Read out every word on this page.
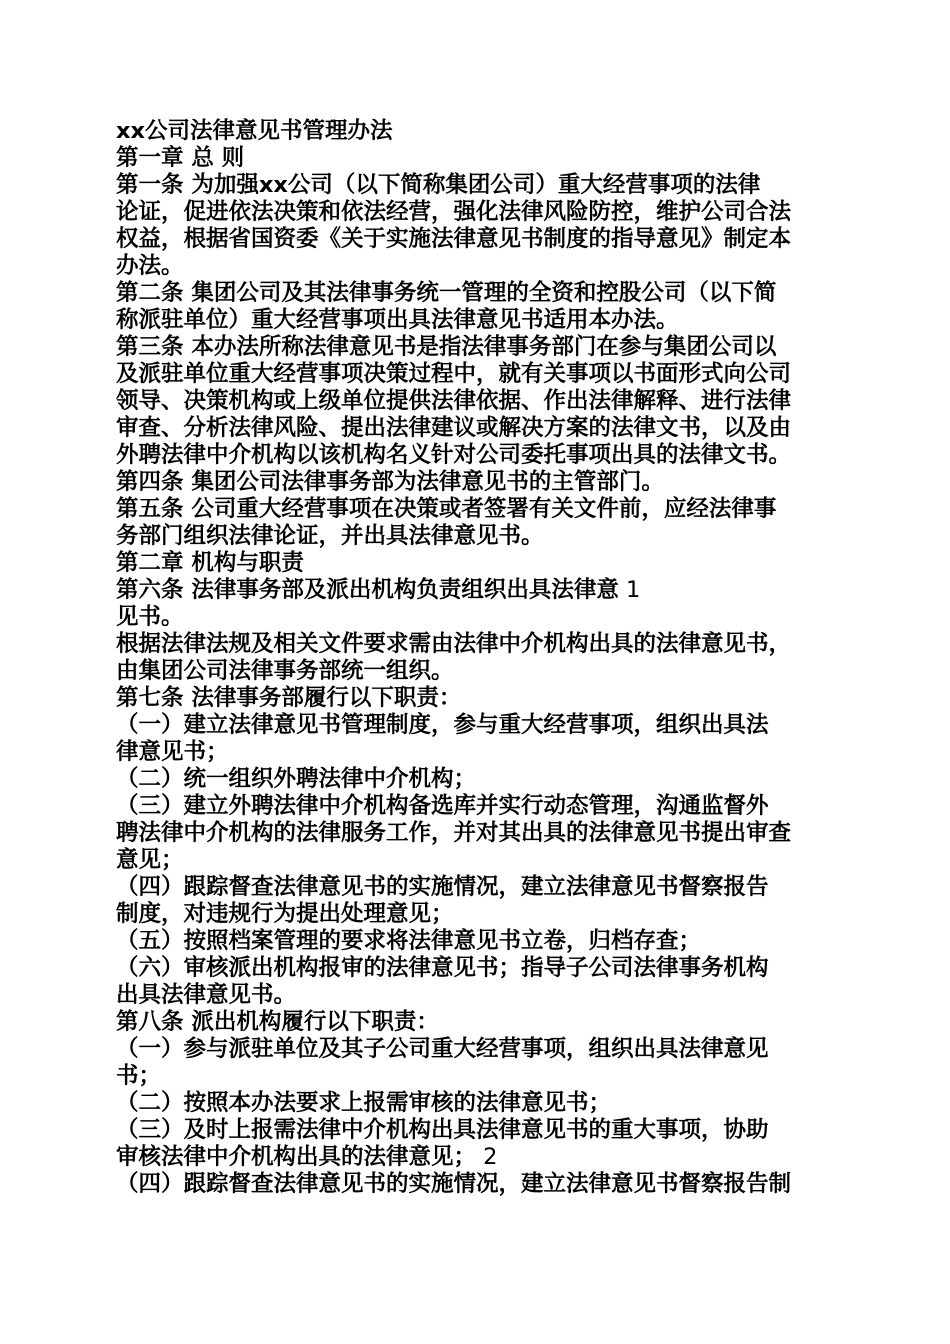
xx公司法律意见书管理办法
第一章 总 则
第一条 为加强xx公司（以下简称集团公司）重大经营事项的法律
论证，促进依法决策和依法经营，强化法律风险防控，维护公司合法
权益，根据省国资委《关于实施法律意见书制度的指导意见》制定本
办法。
第二条 集团公司及其法律事务统一管理的全资和控股公司（以下简
称派驻单位）重大经营事项出具法律意见书适用本办法。
第三条 本办法所称法律意见书是指法律事务部门在参与集团公司以
及派驻单位重大经营事项决策过程中，就有关事项以书面形式向公司
领导、决策机构或上级单位提供法律依据、作出法律解释、进行法律
审查、分析法律风险、提出法律建议或解决方案的法律文书，以及由
外聘法律中介机构以该机构名义针对公司委托事项出具的法律文书。
第四条 集团公司法律事务部为法律意见书的主管部门。
第五条 公司重大经营事项在决策或者签署有关文件前，应经法律事
务部门组织法律论证，并出具法律意见书。
第二章 机构与职责
第六条 法律事务部及派出机构负责组织出具法律意 1
见书。
根据法律法规及相关文件要求需由法律中介机构出具的法律意见书，
由集团公司法律事务部统一组织。
第七条 法律事务部履行以下职责：
（一）建立法律意见书管理制度，参与重大经营事项，组织出具法
律意见书；
（二）统一组织外聘法律中介机构；
（三）建立外聘法律中介机构备选库并实行动态管理，沟通监督外
聘法律中介机构的法律服务工作，并对其出具的法律意见书提出审查
意见；
（四）跟踪督查法律意见书的实施情况，建立法律意见书督察报告
制度，对违规行为提出处理意见；
（五）按照档案管理的要求将法律意见书立卷，归档存查；
（六）审核派出机构报审的法律意见书；指导子公司法律事务机构
出具法律意见书。
第八条 派出机构履行以下职责：
（一）参与派驻单位及其子公司重大经营事项，组织出具法律意见
书；
（二）按照本办法要求上报需审核的法律意见书；
（三）及时上报需法律中介机构出具法律意见书的重大事项，协助
审核法律中介机构出具的法律意见； 2
（四）跟踪督查法律意见书的实施情况，建立法律意见书督察报告制
